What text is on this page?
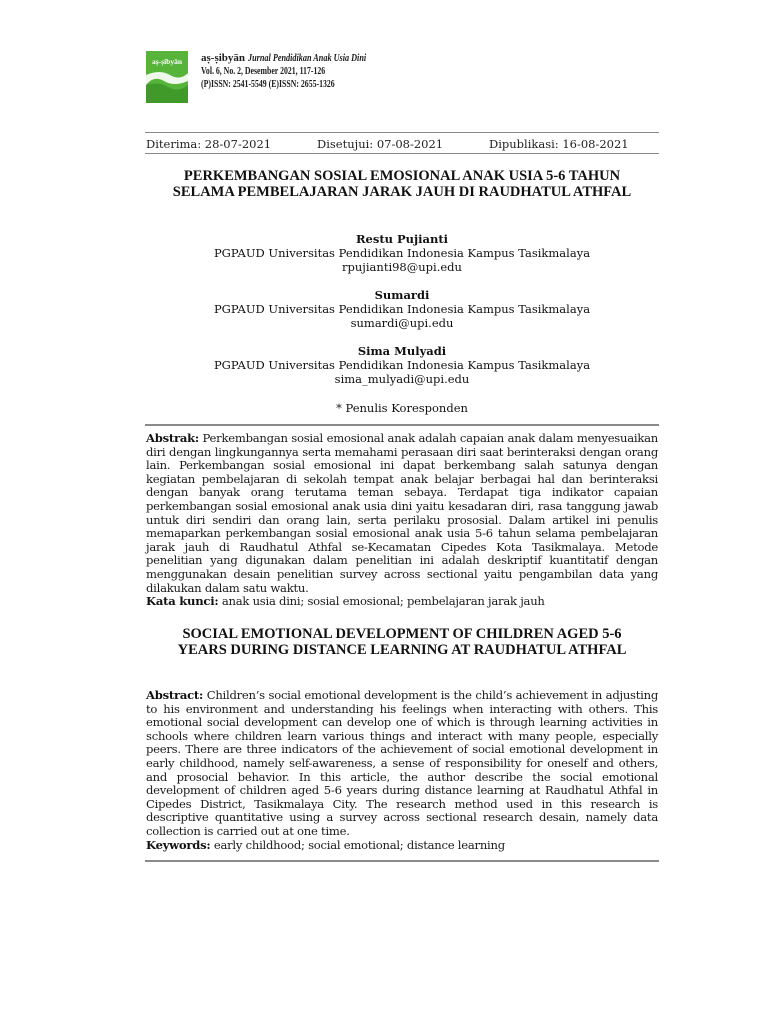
aṣ-ṣibyān	aṣ-ṣibyān Jurnal Pendidikan Anak Usia Dini
Vol. 6, No. 2, Desember 2021, 117-126
(P)ISSN: 2541-5549 (E)ISSN: 2655-1326
Diterima: 28-07-2021	Disetujui: 07-08-2021	Dipublikasi: 16-08-2021
PERKEMBANGAN SOSIAL EMOSIONAL ANAK USIA 5-6 TAHUN SELAMA PEMBELAJARAN JARAK JAUH DI RAUDHATUL ATHFAL
Restu Pujianti
PGPAUD Universitas Pendidikan Indonesia Kampus Tasikmalaya
rpujianti98@upi.edu
Sumardi
PGPAUD Universitas Pendidikan Indonesia Kampus Tasikmalaya
sumardi@upi.edu
Sima Mulyadi
PGPAUD Universitas Pendidikan Indonesia Kampus Tasikmalaya
sima_mulyadi@upi.edu
* Penulis Koresponden
Abstrak: Perkembangan sosial emosional anak adalah capaian anak dalam menyesuaikan diri dengan lingkungannya serta memahami perasaan diri saat berinteraksi dengan orang lain. Perkembangan sosial emosional ini dapat berkembang salah satunya dengan kegiatan pembelajaran di sekolah tempat anak belajar berbagai hal dan berinteraksi dengan banyak orang terutama teman sebaya. Terdapat tiga indikator capaian perkembangan sosial emosional anak usia dini yaitu kesadaran diri, rasa tanggung jawab untuk diri sendiri dan orang lain, serta perilaku prososial. Dalam artikel ini penulis memaparkan perkembangan sosial emosional anak usia 5-6 tahun selama pembelajaran jarak jauh di Raudhatul Athfal se-Kecamatan Cipedes Kota Tasikmalaya. Metode penelitian yang digunakan dalam penelitian ini adalah deskriptif kuantitatif dengan menggunakan desain penelitian survey across sectional yaitu pengambilan data yang dilakukan dalam satu waktu.
Kata kunci: anak usia dini; sosial emosional; pembelajaran jarak jauh
SOCIAL EMOTIONAL DEVELOPMENT OF CHILDREN AGED 5-6 YEARS DURING DISTANCE LEARNING AT RAUDHATUL ATHFAL
Abstract: Children’s social emotional development is the child’s achievement in adjusting to his environment and understanding his feelings when interacting with others. This emotional social development can develop one of which is through learning activities in schools where children learn various things and interact with many people, especially peers. There are three indicators of the achievement of social emotional development in early childhood, namely self-awareness, a sense of responsibility for oneself and others, and prosocial behavior. In this article, the author describe the social emotional development of children aged 5-6 years during distance learning at Raudhatul Athfal in Cipedes District, Tasikmalaya City. The research method used in this research is descriptive quantitative using a survey across sectional research desain, namely data collection is carried out at one time.
Keywords: early childhood; social emotional; distance learning
